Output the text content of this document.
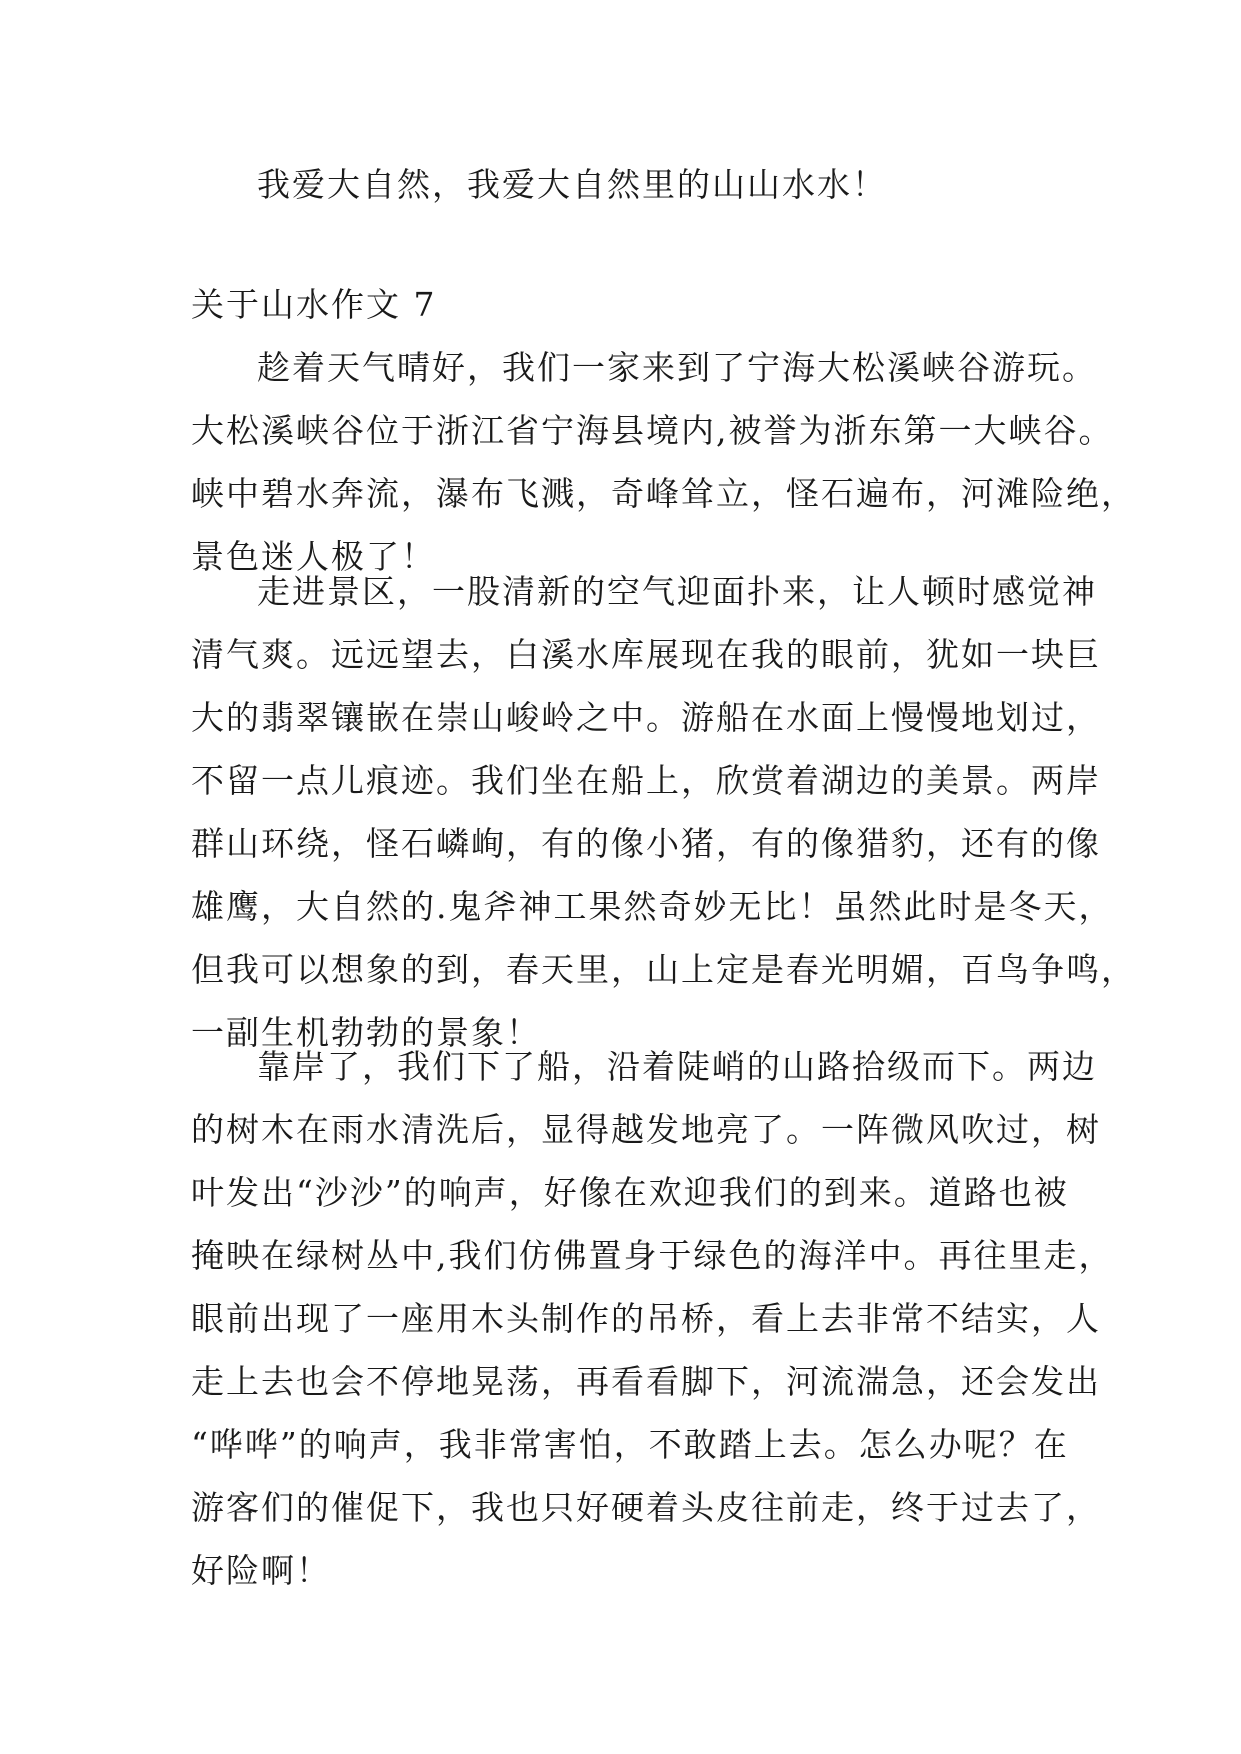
我爱大自然，我爱大自然里的山山水水！
关于山水作文 7
趁着天气晴好，我们一家来到了宁海大松溪峡谷游玩。
大松溪峡谷位于浙江省宁海县境内,被誉为浙东第一大峡谷。
峡中碧水奔流，瀑布飞溅，奇峰耸立，怪石遍布，河滩险绝，
景色迷人极了！
走进景区，一股清新的空气迎面扑来，让人顿时感觉神
清气爽。远远望去，白溪水库展现在我的眼前，犹如一块巨
大的翡翠镶嵌在崇山峻岭之中。游船在水面上慢慢地划过，
不留一点儿痕迹。我们坐在船上，欣赏着湖边的美景。两岸
群山环绕，怪石嶙峋，有的像小猪，有的像猎豹，还有的像
雄鹰，大自然的.鬼斧神工果然奇妙无比！虽然此时是冬天，
但我可以想象的到，春天里，山上定是春光明媚，百鸟争鸣，
一副生机勃勃的景象！
靠岸了，我们下了船，沿着陡峭的山路拾级而下。两边
的树木在雨水清洗后，显得越发地亮了。一阵微风吹过，树
叶发出“沙沙”的响声，好像在欢迎我们的到来。道路也被
掩映在绿树丛中,我们仿佛置身于绿色的海洋中。再往里走，
眼前出现了一座用木头制作的吊桥，看上去非常不结实，人
走上去也会不停地晃荡，再看看脚下，河流湍急，还会发出
“哗哗”的响声，我非常害怕，不敢踏上去。怎么办呢？在
游客们的催促下，我也只好硬着头皮往前走，终于过去了，
好险啊！
